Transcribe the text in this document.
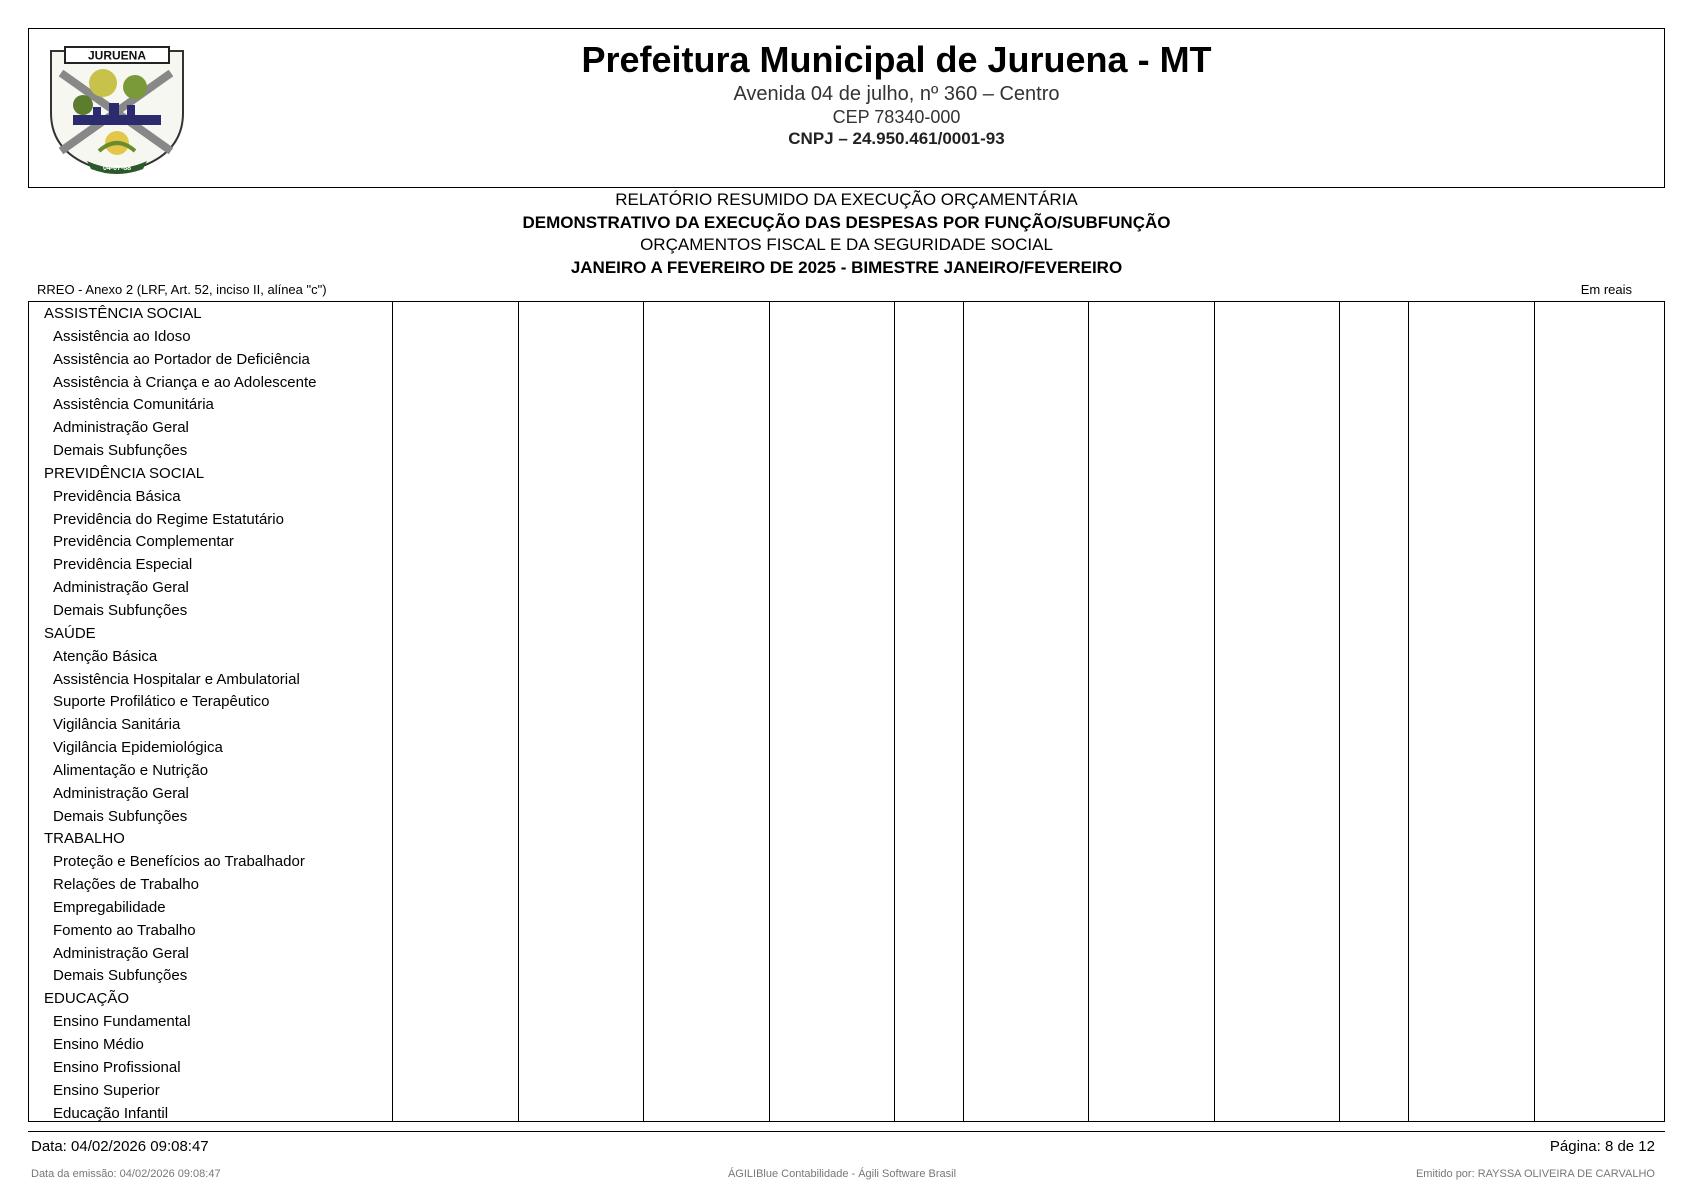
JURUENA
04-07-88
Prefeitura Municipal de Juruena - MT
Avenida 04 de julho, nº 360 – Centro
CEP 78340-000
CNPJ – 24.950.461/0001-93
RELATÓRIO RESUMIDO DA EXECUÇÃO ORÇAMENTÁRIA
DEMONSTRATIVO DA EXECUÇÃO DAS DESPESAS POR FUNÇÃO/SUBFUNÇÃO
ORÇAMENTOS FISCAL E DA SEGURIDADE SOCIAL
JANEIRO A FEVEREIRO DE 2025 - BIMESTRE JANEIRO/FEVEREIRO
RREO - Anexo 2 (LRF, Art. 52, inciso II, alínea "c")	Em reais
ASSISTÊNCIA SOCIAL
Assistência ao Idoso
Assistência ao Portador de Deficiência
Assistência à Criança e ao Adolescente
Assistência Comunitária
Administração Geral
Demais Subfunções
PREVIDÊNCIA SOCIAL
Previdência Básica
Previdência do Regime Estatutário
Previdência Complementar
Previdência Especial
Administração Geral
Demais Subfunções
SAÚDE
Atenção Básica
Assistência Hospitalar e Ambulatorial
Suporte Profilático e Terapêutico
Vigilância Sanitária
Vigilância Epidemiológica
Alimentação e Nutrição
Administração Geral
Demais Subfunções
TRABALHO
Proteção e Benefícios ao Trabalhador
Relações de Trabalho
Empregabilidade
Fomento ao Trabalho
Administração Geral
Demais Subfunções
EDUCAÇÃO
Ensino Fundamental
Ensino Médio
Ensino Profissional
Ensino Superior
Educação Infantil
Data: 04/02/2026 09:08:47	Página: 8 de 12
Data da emissão: 04/02/2026 09:08:47	ÁGILIBlue Contabilidade - Ágili Software Brasil	Emitido por: RAYSSA OLIVEIRA DE CARVALHO
